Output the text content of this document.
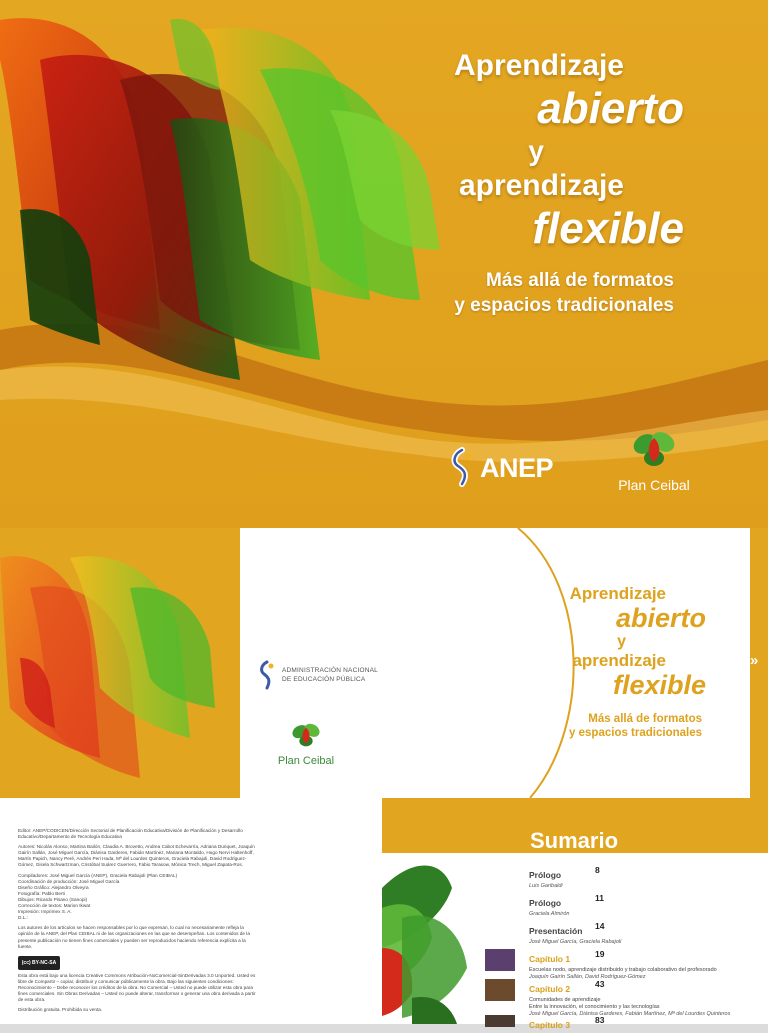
Aprendizaje
abierto
y
aprendizaje
flexible
Más allá de formatos
y espacios tradicionales
ANEP
Plan Ceibal
ADMINISTRACIÓN NACIONAL
DE EDUCACIÓN PÚBLICA
Plan Ceibal
Aprendizaje
abierto
y
aprendizaje
flexible
Más allá de formatos
y espacios tradicionales
»

Editor: ANEP/CODICEN/Dirección Sectorial de Planificación Educativa/División de Planificación y Desarrollo Educativo/Departamento de Tecnología Educativa

Autores: Nicolás Alonso, Martina Bailón, Claudia A. Brovetto, Andrea Cabot Echevarría, Adriana Duriquet, Joaquín Gairín Sallán, José Miguel García, Diánisa Garderes, Fabián Martínez, Mariana Montaldo, Hugo Nervi Haltenhoff, Martín Papich, Nancy Peré, Andrés Peri Hada, Mª del Lourdes Quinteros, Graciela Rabajoli, David Rodríguez-Gómez, Gisela Schwartzman, Cristóbal Suárez Guerrero, Fabio Tarasow, Mónica Trech, Miguel Zapata-Ros.

Compiladores: José Miguel García (ANEP), Graciela Rabajoli (Plan CEIBAL)

Coordinación de producción: José Miguel García

Diseño Gráfico: Alejandro Olveyra

Fotografía: Pablo Berti

Dibujos: Ricardo Pisano (Sanopi)

Corrección de textos: Marion Ikwat

Impresión: Imprimex S. A.

D.L.:

Los autores de los artículos se hacen responsables por lo que expresan, lo cual no necesariamente refleja la opinión de la ANEP, del Plan CEIBAL ni de las organizaciones en las que se desempeñan. Los contenidos de la presente publicación no tienen fines comerciales y pueden ser reproducidos haciendo referencia explícita a la fuente.

(cc) BY-NC-SA

Esta obra está bajo una licencia Creative Commons Atribución-NoComercial-SinDerivadas 3.0 Unported. Usted es libre de Compartir – copiar, distribuir y comunicar públicamente la obra. Bajo las siguientes condiciones: Reconocimiento – Debe reconocer los créditos de la obra. No Comercial – Usted no puede utilizar esta obra para fines comerciales. Sin Obras Derivadas – Usted no puede alterar, transformar o generar una obra derivada a partir de esta obra.

Distribución gratuita. Prohibida su venta.

Sumario
Prólogo	8
Luis Garibaldi
Prólogo	11
Graciela Almirón
Presentación 14
José Miguel García, Graciela Rabajoli
Capítulo 1	19
Escuelas nodo, aprendizaje distribuido y trabajo colaborativo del profesorado
Joaquín Gairín Sallán, David Rodríguez-Gómez
Capítulo 2	43
Comunidades de aprendizaje
Entre la innovación, el conocimiento y las tecnologías
José Miguel García, Diánisa Garderes, Fabián Martínez, Mª del Lourdes Quinteros
Capítulo 3	83
